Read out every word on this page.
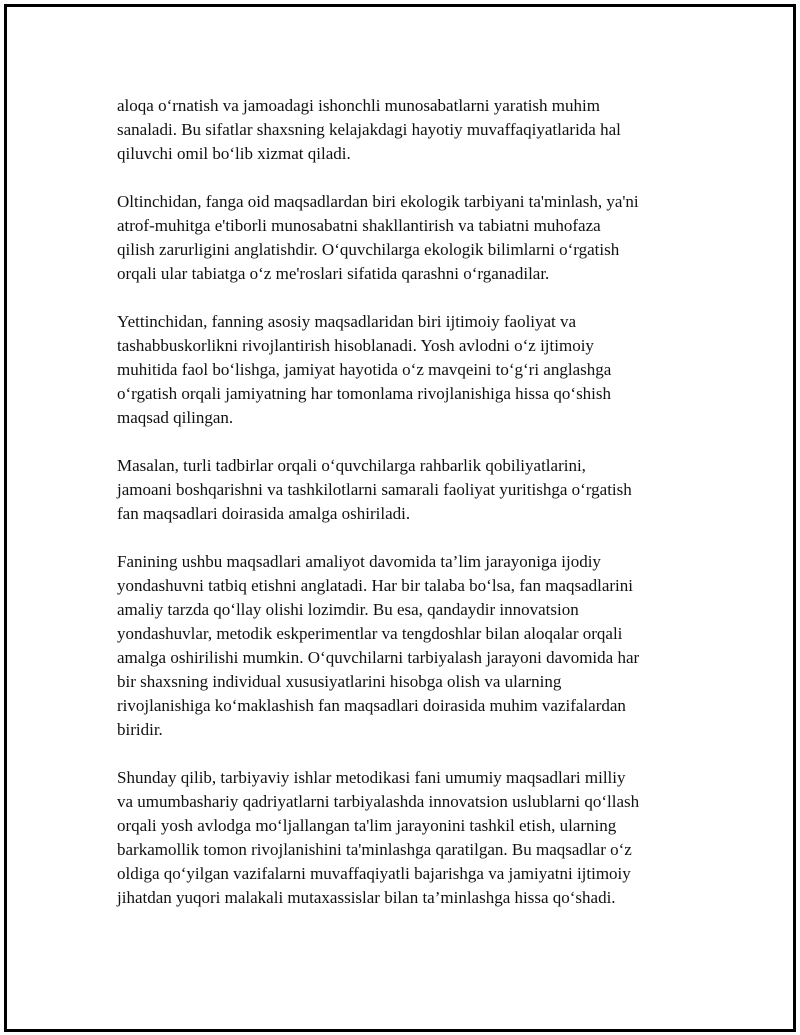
aloqa o‘rnatish va jamoadagi ishonchli munosabatlarni yaratish muhim
sanaladi. Bu sifatlar shaxsning kelajakdagi hayotiy muvaffaqiyatlarida hal
qiluvchi omil bo‘lib xizmat qiladi.

Oltinchidan, fanga oid maqsadlardan biri ekologik tarbiyani ta'minlash, ya'ni
atrof-muhitga e'tiborli munosabatni shakllantirish va tabiatni muhofaza
qilish zarurligini anglatishdir. O‘quvchilarga ekologik bilimlarni o‘rgatish
orqali ular tabiatga o‘z me'roslari sifatida qarashni o‘rganadilar.

Yettinchidan, fanning asosiy maqsadlaridan biri ijtimoiy faoliyat va
tashabbuskorlikni rivojlantirish hisoblanadi. Yosh avlodni o‘z ijtimoiy
muhitida faol bo‘lishga, jamiyat hayotida o‘z mavqeini to‘g‘ri anglashga
o‘rgatish orqali jamiyatning har tomonlama rivojlanishiga hissa qo‘shish
maqsad qilingan.

Masalan, turli tadbirlar orqali o‘quvchilarga rahbarlik qobiliyatlarini,
jamoani boshqarishni va tashkilotlarni samarali faoliyat yuritishga o‘rgatish
fan maqsadlari doirasida amalga oshiriladi.

Fanining ushbu maqsadlari amaliyot davomida ta’lim jarayoniga ijodiy
yondashuvni tatbiq etishni anglatadi. Har bir talaba bo‘lsa, fan maqsadlarini
amaliy tarzda qo‘llay olishi lozimdir. Bu esa, qandaydir innovatsion
yondashuvlar, metodik eskperimentlar va tengdoshlar bilan aloqalar orqali
amalga oshirilishi mumkin. O‘quvchilarni tarbiyalash jarayoni davomida har
bir shaxsning individual xususiyatlarini hisobga olish va ularning
rivojlanishiga ko‘maklashish fan maqsadlari doirasida muhim vazifalardan
biridir.

Shunday qilib, tarbiyaviy ishlar metodikasi fani umumiy maqsadlari milliy
va umumbashariy qadriyatlarni tarbiyalashda innovatsion uslublarni qo‘llash
orqali yosh avlodga mo‘ljallangan ta'lim jarayonini tashkil etish, ularning
barkamollik tomon rivojlanishini ta'minlashga qaratilgan. Bu maqsadlar o‘z
oldiga qo‘yilgan vazifalarni muvaffaqiyatli bajarishga va jamiyatni ijtimoiy
jihatdan yuqori malakali mutaxassislar bilan ta’minlashga hissa qo‘shadi.
